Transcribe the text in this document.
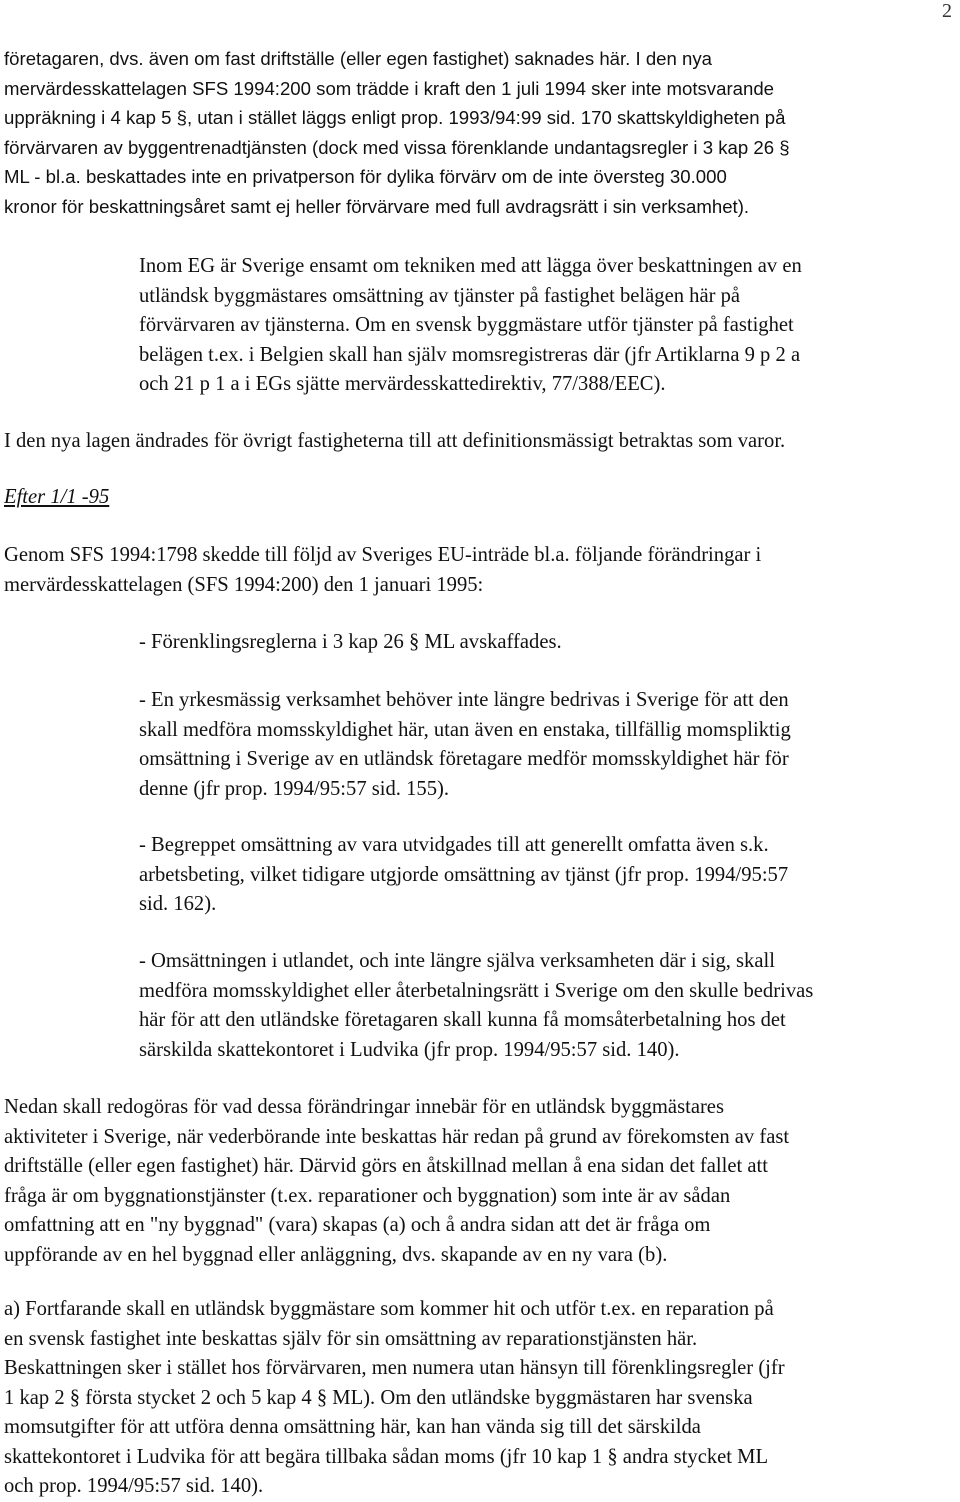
2
företagaren, dvs. även om fast driftställe (eller egen fastighet) saknades här. I den nya
mervärdesskattelagen SFS 1994:200 som trädde i kraft den 1 juli 1994 sker inte motsvarande
uppräkning i 4 kap 5 §, utan i stället läggs enligt prop. 1993/94:99 sid. 170 skattskyldigheten på
förvärvaren av byggentrenadtjänsten (dock med vissa förenklande undantagsregler i 3 kap 26 §
ML - bl.a. beskattades inte en privatperson för dylika förvärv om de inte översteg 30.000
kronor för beskattningsåret samt ej heller förvärvare med full avdragsrätt i sin verksamhet).
Inom EG är Sverige ensamt om tekniken med att lägga över beskattningen av en
utländsk byggmästares omsättning av tjänster på fastighet belägen här på
förvärvaren av tjänsterna. Om en svensk byggmästare utför tjänster på fastighet
belägen t.ex. i Belgien skall han själv momsregistreras där (jfr Artiklarna 9 p 2 a
och 21 p 1 a i EGs sjätte mervärdesskattedirektiv, 77/388/EEC).
I den nya lagen ändrades för övrigt fastigheterna till att definitionsmässigt betraktas som varor.
Efter 1/1 -95
Genom SFS 1994:1798 skedde till följd av Sveriges EU-inträde bl.a. följande förändringar i
mervärdesskattelagen (SFS 1994:200) den 1 januari 1995:
- Förenklingsreglerna i 3 kap 26 § ML avskaffades.
- En yrkesmässig verksamhet behöver inte längre bedrivas i Sverige för att den
skall medföra momsskyldighet här, utan även en enstaka, tillfällig momspliktig
omsättning i Sverige av en utländsk företagare medför momsskyldighet här för
denne (jfr prop. 1994/95:57 sid. 155).
- Begreppet omsättning av vara utvidgades till att generellt omfatta även s.k.
arbetsbeting, vilket tidigare utgjorde omsättning av tjänst (jfr prop. 1994/95:57
sid. 162).
- Omsättningen i utlandet, och inte längre själva verksamheten där i sig, skall
medföra momsskyldighet eller återbetalningsrätt i Sverige om den skulle bedrivas
här för att den utländske företagaren skall kunna få momsåterbetalning hos det
särskilda skattekontoret i Ludvika (jfr prop. 1994/95:57 sid. 140).
Nedan skall redogöras för vad dessa förändringar innebär för en utländsk byggmästares
aktiviteter i Sverige, när vederbörande inte beskattas här redan på grund av förekomsten av fast
driftställe (eller egen fastighet) här. Därvid görs en åtskillnad mellan å ena sidan det fallet att
fråga är om byggnationstjänster (t.ex. reparationer och byggnation) som inte är av sådan
omfattning att en "ny byggnad" (vara) skapas (a) och å andra sidan att det är fråga om
uppförande av en hel byggnad eller anläggning, dvs. skapande av en ny vara (b).
a) Fortfarande skall en utländsk byggmästare som kommer hit och utför t.ex. en reparation på
en svensk fastighet inte beskattas själv för sin omsättning av reparationstjänsten här.
Beskattningen sker i stället hos förvärvaren, men numera utan hänsyn till förenklingsregler (jfr
1 kap 2 § första stycket 2 och 5 kap 4 § ML). Om den utländske byggmästaren har svenska
momsutgifter för att utföra denna omsättning här, kan han vända sig till det särskilda
skattekontoret i Ludvika för att begära tillbaka sådan moms (jfr 10 kap 1 § andra stycket ML
och prop. 1994/95:57 sid. 140).
